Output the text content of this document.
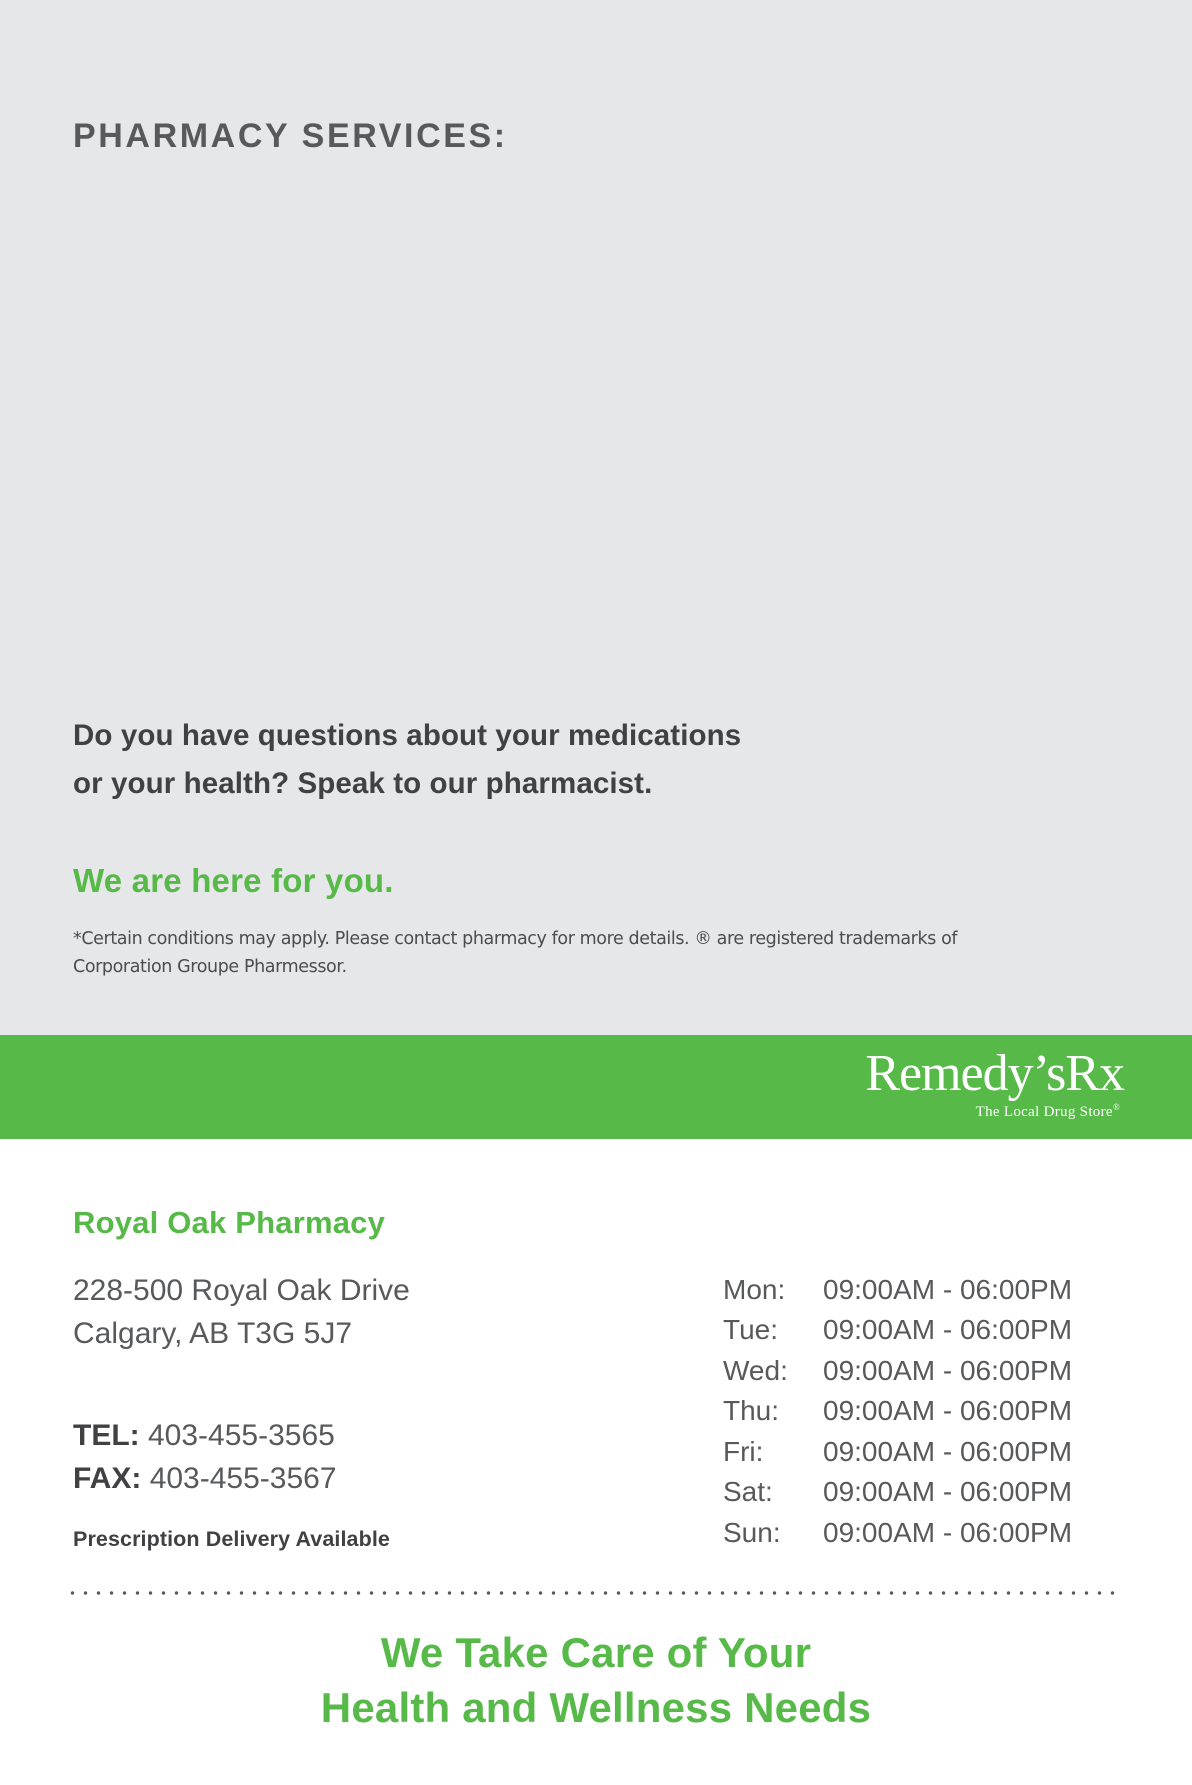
PHARMACY SERVICES:
Do you have questions about your medications
or your health? Speak to our pharmacist.
We are here for you.
*Certain conditions may apply. Please contact pharmacy for more details. ® are registered trademarks of Corporation Groupe Pharmessor.
Remedy’sRx
The Local Drug Store®
Royal Oak Pharmacy
228-500 Royal Oak Drive
Calgary, AB T3G 5J7
TEL: 403-455-3565
FAX: 403-455-3567
Prescription Delivery Available
Mon:	09:00AM - 06:00PM
Tue:	09:00AM - 06:00PM
Wed:	09:00AM - 06:00PM
Thu:	09:00AM - 06:00PM
Fri:	09:00AM - 06:00PM
Sat:	09:00AM - 06:00PM
Sun:	09:00AM - 06:00PM
We Take Care of Your
Health and Wellness Needs
